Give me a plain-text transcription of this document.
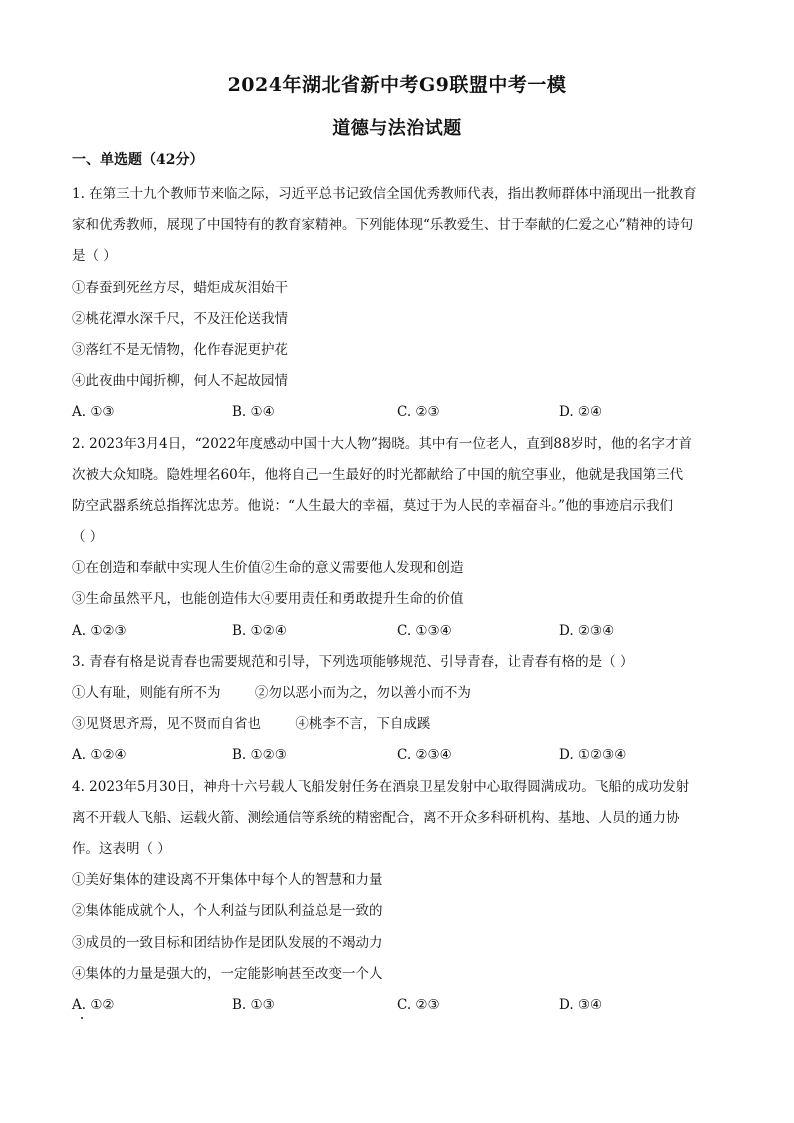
2024年湖北省新中考G9联盟中考一模
道德与法治试题
一、单选题（42分）
1. 在第三十九个教师节来临之际，习近平总书记致信全国优秀教师代表，指出教师群体中涌现出一批教育
家和优秀教师，展现了中国特有的教育家精神。下列能体现“乐教爱生、甘于奉献的仁爱之心”精神的诗句
是（ ）
①春蚕到死丝方尽，蜡炬成灰泪始干
②桃花潭水深千尺，不及汪伦送我情
③落红不是无情物，化作春泥更护花
④此夜曲中闻折柳，何人不起故园情
A. ①③	B. ①④	C. ②③	D. ②④
2. 2023年3月4日，“2022年度感动中国十大人物”揭晓。其中有一位老人，直到88岁时，他的名字才首
次被大众知晓。隐姓埋名60年，他将自己一生最好的时光都献给了中国的航空事业，他就是我国第三代
防空武器系统总指挥沈忠芳。他说：“人生最大的幸福，莫过于为人民的幸福奋斗。”他的事迹启示我们
（ ）
①在创造和奉献中实现人生价值②生命的意义需要他人发现和创造
③生命虽然平凡，也能创造伟大④要用责任和勇敢提升生命的价值
A. ①②③	B. ①②④	C. ①③④	D. ②③④
3. 青春有格是说青春也需要规范和引导，下列选项能够规范、引导青春，让青春有格的是（ ）
①人有耻，则能有所不为        ②勿以恶小而为之，勿以善小而不为
③见贤思齐焉，见不贤而自省也        ④桃李不言，下自成蹊
A. ①②④	B. ①②③	C. ②③④	D. ①②③④
4. 2023年5月30日，神舟十六号载人飞船发射任务在酒泉卫星发射中心取得圆满成功。飞船的成功发射
离不开载人飞船、运载火箭、测绘通信等系统的精密配合，离不开众多科研机构、基地、人员的通力协
作。这表明（ ）
①美好集体的建设离不开集体中每个人的智慧和力量
②集体能成就个人，个人利益与团队利益总是一致的
③成员的一致目标和团结协作是团队发展的不竭动力
④集体的力量是强大的，一定能影响甚至改变一个人
A. ①②	B. ①③	C. ②③	D. ③④
